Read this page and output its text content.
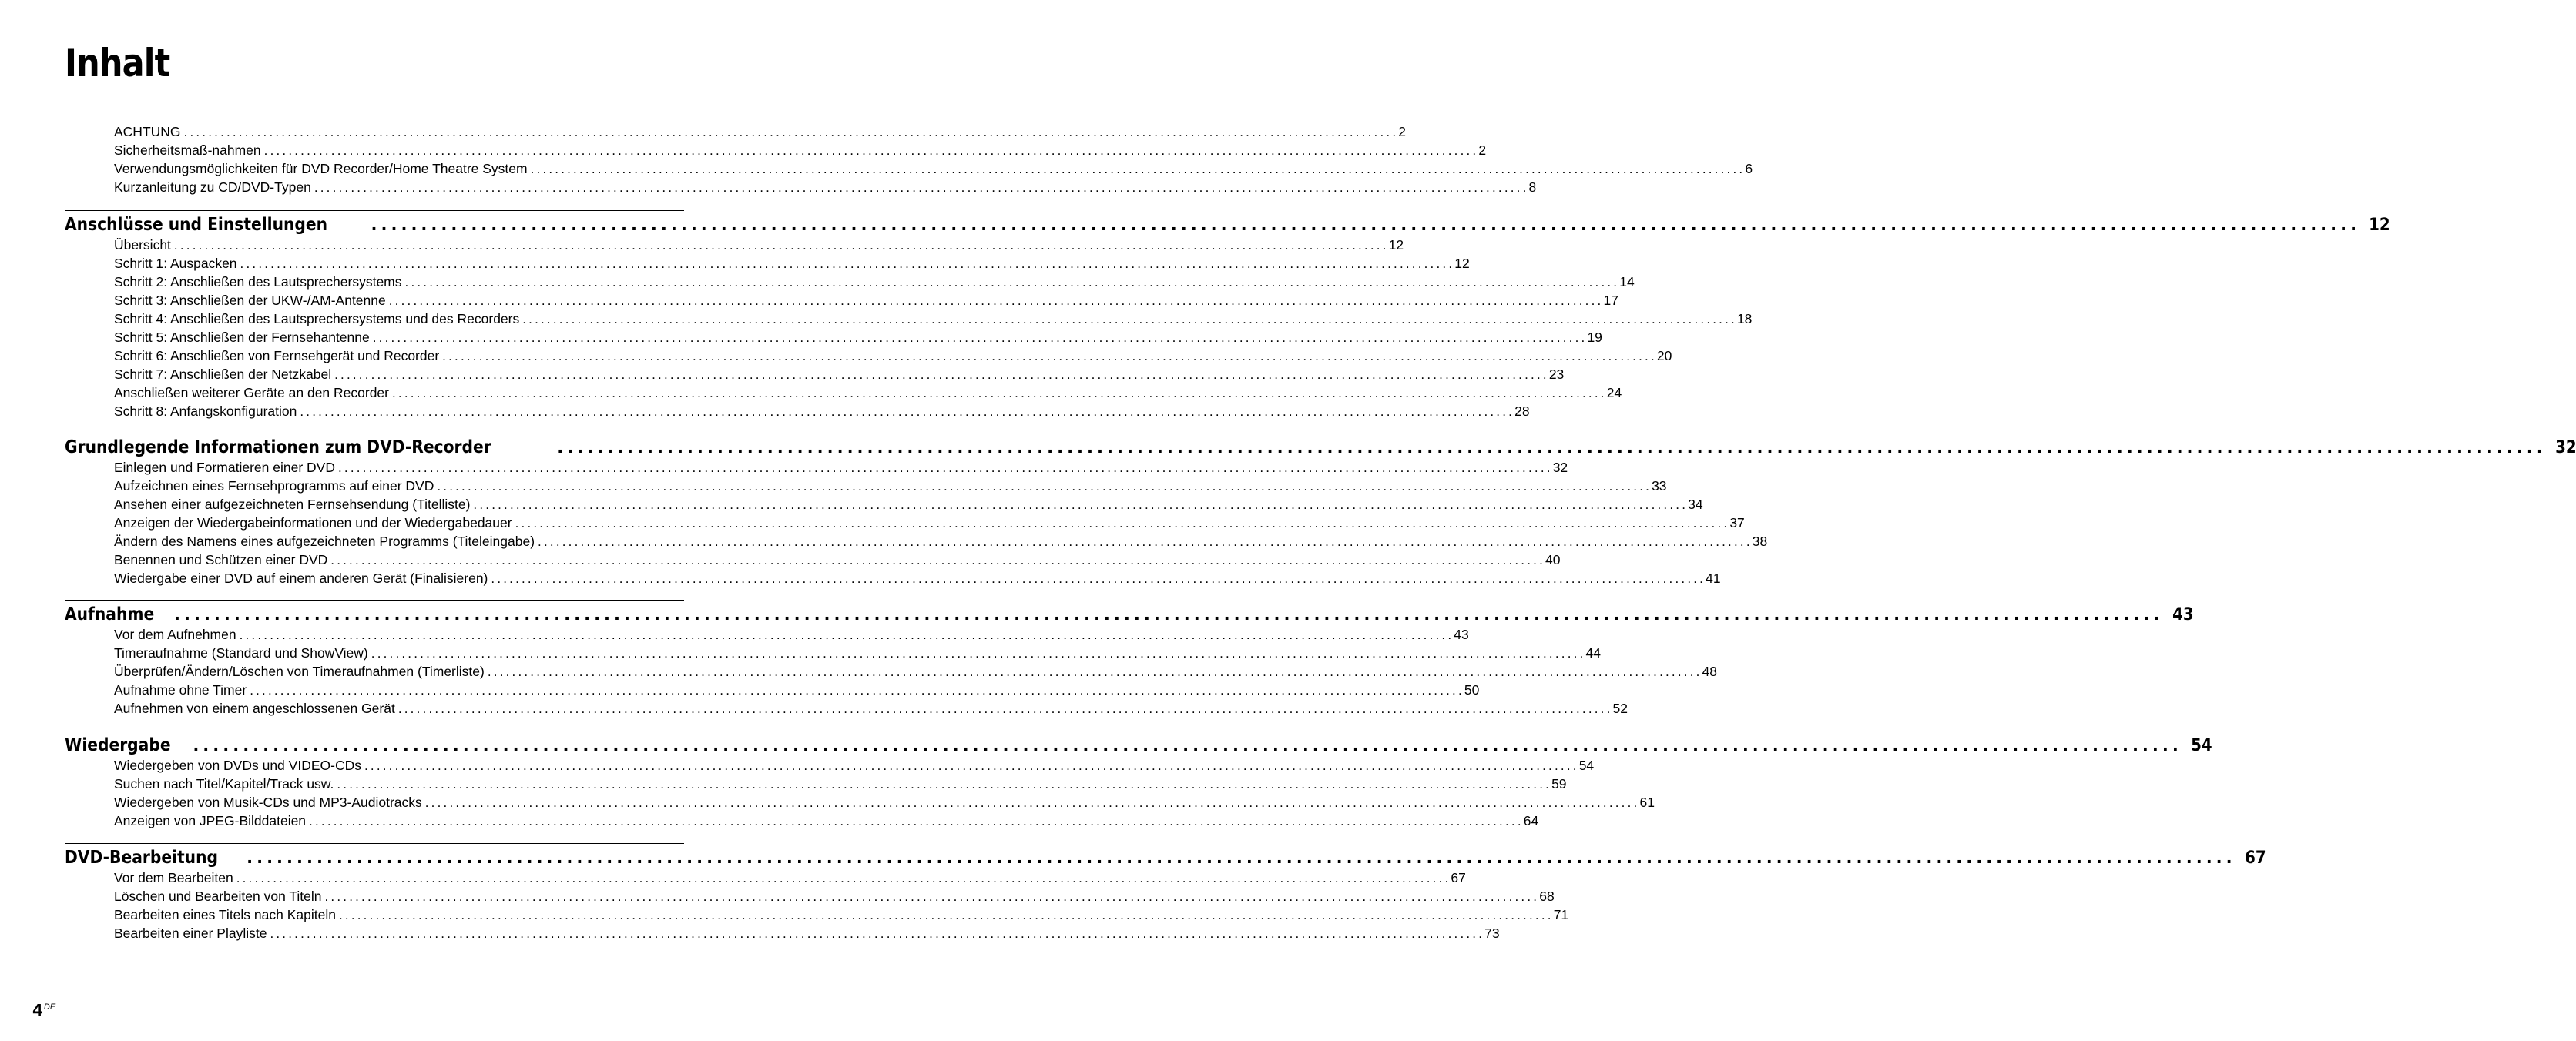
Inhalt
ACHTUNG ....................................................................................................................................................................................................... 2
Sicherheitsmaß-nahmen ....................................................................................................................................................................................................... 2
Verwendungsmöglichkeiten für DVD Recorder/Home Theatre System ....................................................................................................................................................................................................... 6
Kurzanleitung zu CD/DVD-Typen ....................................................................................................................................................................................................... 8
Anschlüsse und Einstellungen	....................................................................................................................................................................................................... 12
Übersicht ....................................................................................................................................................................................................... 12
Schritt 1: Auspacken ....................................................................................................................................................................................................... 12
Schritt 2: Anschließen des Lautsprechersystems ....................................................................................................................................................................................................... 14
Schritt 3: Anschließen der UKW-/AM-Antenne ....................................................................................................................................................................................................... 17
Schritt 4: Anschließen des Lautsprechersystems und des Recorders ....................................................................................................................................................................................................... 18
Schritt 5: Anschließen der Fernsehantenne ....................................................................................................................................................................................................... 19
Schritt 6: Anschließen von Fernsehgerät und Recorder ....................................................................................................................................................................................................... 20
Schritt 7: Anschließen der Netzkabel ....................................................................................................................................................................................................... 23
Anschließen weiterer Geräte an den Recorder ....................................................................................................................................................................................................... 24
Schritt 8: Anfangskonfiguration ....................................................................................................................................................................................................... 28
Grundlegende Informationen zum DVD-Recorder	....................................................................................................................................................................................................... 32
Einlegen und Formatieren einer DVD ....................................................................................................................................................................................................... 32
Aufzeichnen eines Fernsehprogramms auf einer DVD ....................................................................................................................................................................................................... 33
Ansehen einer aufgezeichneten Fernsehsendung (Titelliste) ....................................................................................................................................................................................................... 34
Anzeigen der Wiedergabeinformationen und der Wiedergabedauer ....................................................................................................................................................................................................... 37
Ändern des Namens eines aufgezeichneten Programms (Titeleingabe) ....................................................................................................................................................................................................... 38
Benennen und Schützen einer DVD ....................................................................................................................................................................................................... 40
Wiedergabe einer DVD auf einem anderen Gerät (Finalisieren) ....................................................................................................................................................................................................... 41
Aufnahme	....................................................................................................................................................................................................... 43
Vor dem Aufnehmen ....................................................................................................................................................................................................... 43
Timeraufnahme (Standard und ShowView) ....................................................................................................................................................................................................... 44
Überprüfen/Ändern/Löschen von Timeraufnahmen (Timerliste) ....................................................................................................................................................................................................... 48
Aufnahme ohne Timer ....................................................................................................................................................................................................... 50
Aufnehmen von einem angeschlossenen Gerät ....................................................................................................................................................................................................... 52
Wiedergabe	....................................................................................................................................................................................................... 54
Wiedergeben von DVDs und VIDEO-CDs ....................................................................................................................................................................................................... 54
Suchen nach Titel/Kapitel/Track usw. ....................................................................................................................................................................................................... 59
Wiedergeben von Musik-CDs und MP3-Audiotracks ....................................................................................................................................................................................................... 61
Anzeigen von JPEG-Bilddateien ....................................................................................................................................................................................................... 64
DVD-Bearbeitung	....................................................................................................................................................................................................... 67
Vor dem Bearbeiten ....................................................................................................................................................................................................... 67
Löschen und Bearbeiten von Titeln ....................................................................................................................................................................................................... 68
Bearbeiten eines Titels nach Kapiteln ....................................................................................................................................................................................................... 71
Bearbeiten einer Playliste ....................................................................................................................................................................................................... 73
4DE
